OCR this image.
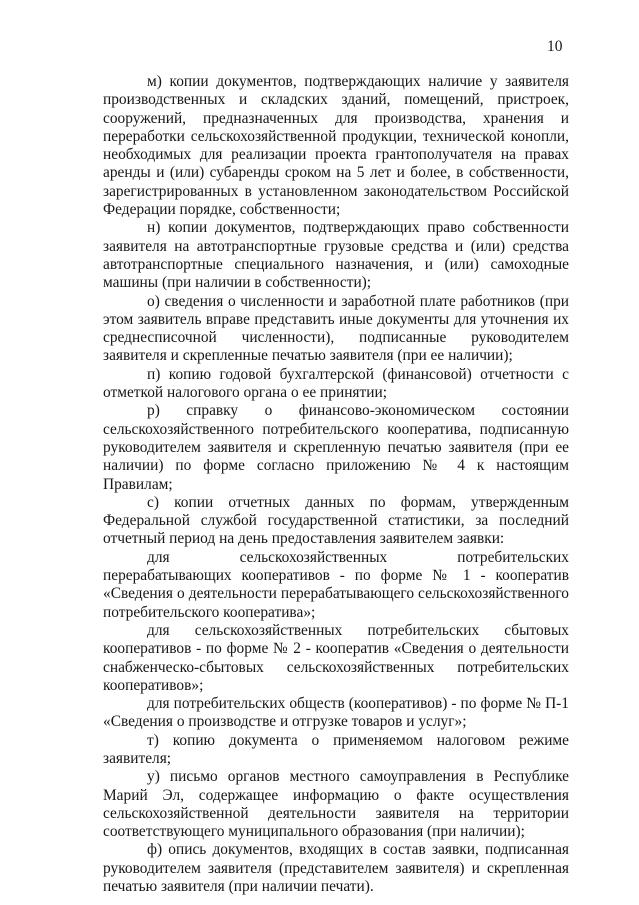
10

м) копии документов, подтверждающих наличие у заявителя производственных и складских зданий, помещений, пристроек, сооружений, предназначенных для производства, хранения и переработки сельскохозяйственной продукции, технической конопли, необходимых для реализации проекта грантополучателя на правах аренды и (или) субаренды сроком на 5 лет и более, в собственности, зарегистрированных в установленном законодательством Российской Федерации порядке, собственности;

н) копии документов, подтверждающих право собственности заявителя на автотранспортные грузовые средства и (или) средства автотранспортные специального назначения, и (или) самоходные машины (при наличии в собственности);

о) сведения о численности и заработной плате работников (при этом заявитель вправе представить иные документы для уточнения их среднесписочной численности), подписанные руководителем заявителя и скрепленные печатью заявителя (при ее наличии);

п) копию годовой бухгалтерской (финансовой) отчетности с отметкой налогового органа о ее принятии;

р) справку о финансово-экономическом состоянии сельскохозяйственного потребительского кооператива, подписанную руководителем заявителя и скрепленную печатью заявителя (при ее наличии) по форме согласно приложению № 4 к настоящим Правилам;

с) копии отчетных данных по формам, утвержденным Федеральной службой государственной статистики, за последний отчетный период на день предоставления заявителем заявки:

для сельскохозяйственных потребительских перерабатывающих кооперативов - по форме № 1 - кооператив «Сведения о деятельности перерабатывающего сельскохозяйственного потребительского кооператива»;

для сельскохозяйственных потребительских сбытовых кооперативов - по форме № 2 - кооператив «Сведения о деятельности снабженческо-сбытовых сельскохозяйственных потребительских кооперативов»;

для потребительских обществ (кооперативов) - по форме № П-1 «Сведения о производстве и отгрузке товаров и услуг»;

т) копию документа о применяемом налоговом режиме заявителя;

у) письмо органов местного самоуправления в Республике Марий Эл, содержащее информацию о факте осуществления сельскохозяйственной деятельности заявителя на территории соответствующего муниципального образования (при наличии);

ф) опись документов, входящих в состав заявки, подписанная руководителем заявителя (представителем заявителя) и скрепленная печатью заявителя (при наличии печати).
